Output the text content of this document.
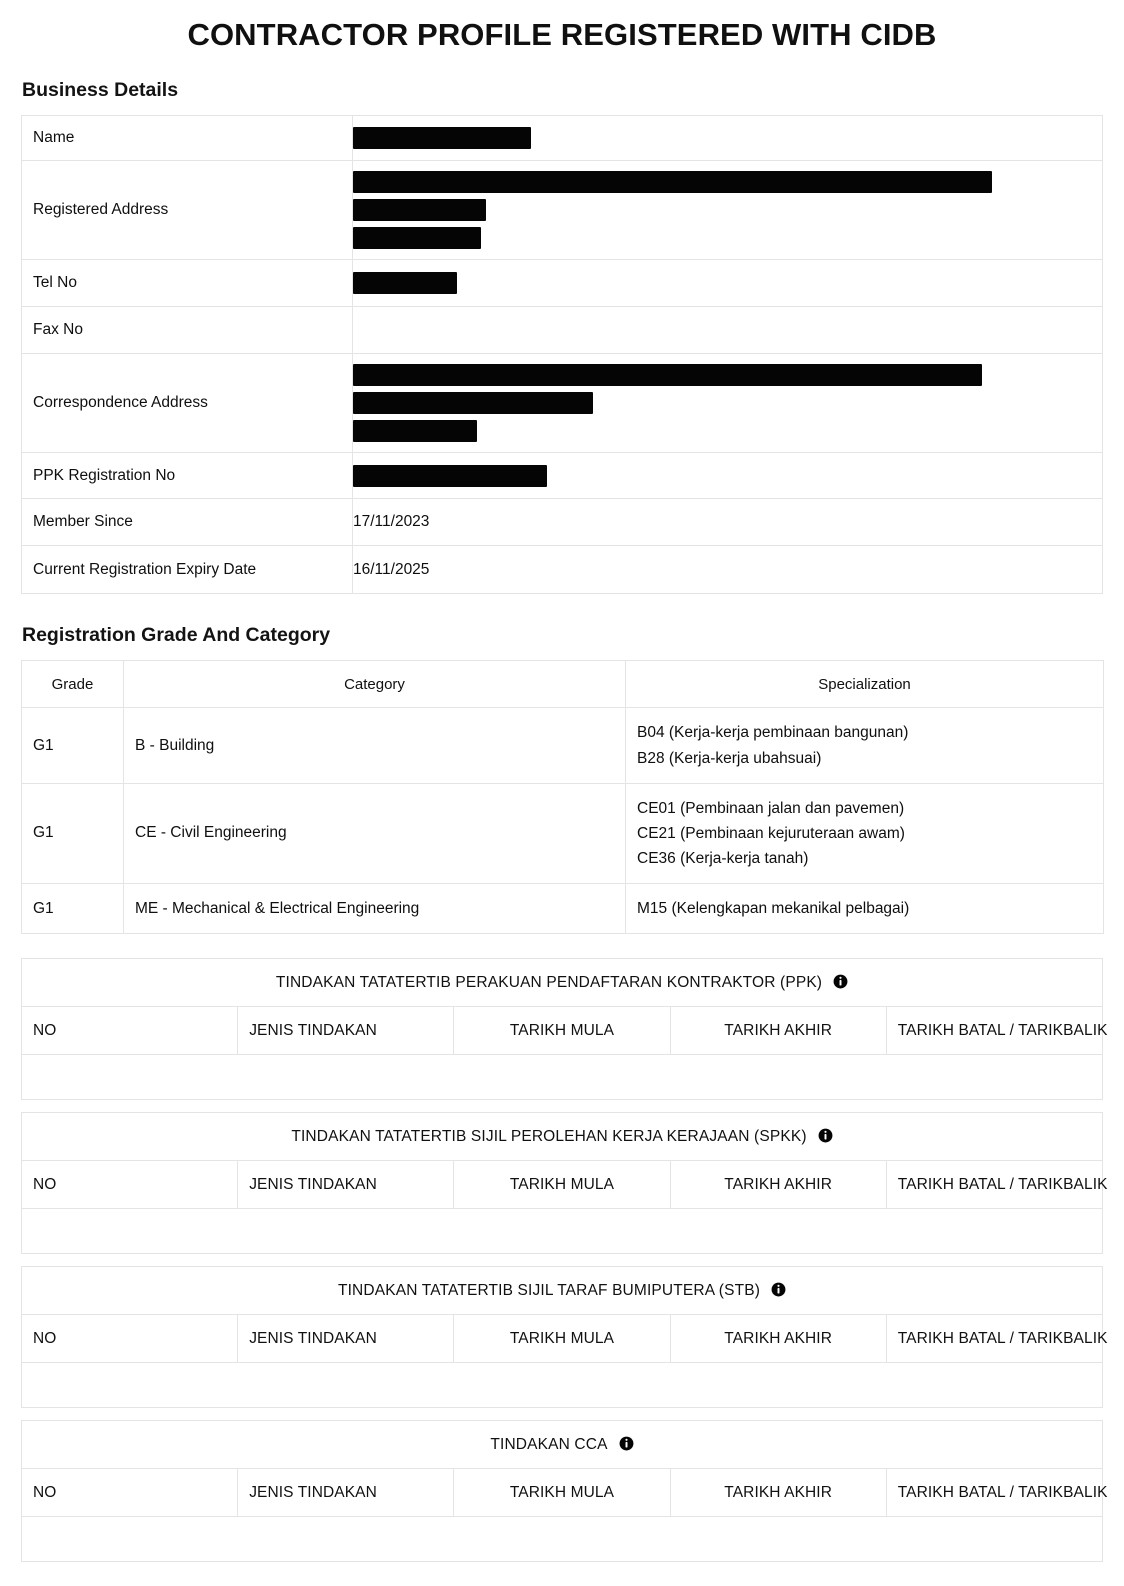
CONTRACTOR PROFILE REGISTERED WITH CIDB
Business Details
Name	

Registered Address	

Tel No	

Fax No	
Correspondence Address	

PPK Registration No	

Member Since	17/11/2023
Current Registration Expiry Date	16/11/2025
Registration Grade And Category
Grade	Category	Specialization
G1	B - Building	B04 (Kerja-kerja pembinaan bangunan)
B28 (Kerja-kerja ubahsuai)

G1	CE - Civil Engineering	CE01 (Pembinaan jalan dan pavemen)
CE21 (Pembinaan kejuruteraan awam)
CE36 (Kerja-kerja tanah)

G1	ME - Mechanical & Electrical Engineering	M15 (Kelengkapan mekanikal pelbagai)
TINDAKAN TATATERTIB PERAKUAN PENDAFTARAN KONTRAKTOR (PPK)
NO	JENIS TINDAKAN	TARIKH MULA	TARIKH AKHIR	TARIKH BATAL / TARIKBALIK

TINDAKAN TATATERTIB SIJIL PEROLEHAN KERJA KERAJAAN (SPKK)
NO	JENIS TINDAKAN	TARIKH MULA	TARIKH AKHIR	TARIKH BATAL / TARIKBALIK

TINDAKAN TATATERTIB SIJIL TARAF BUMIPUTERA (STB)
NO	JENIS TINDAKAN	TARIKH MULA	TARIKH AKHIR	TARIKH BATAL / TARIKBALIK

TINDAKAN CCA
NO	JENIS TINDAKAN	TARIKH MULA	TARIKH AKHIR	TARIKH BATAL / TARIKBALIK
